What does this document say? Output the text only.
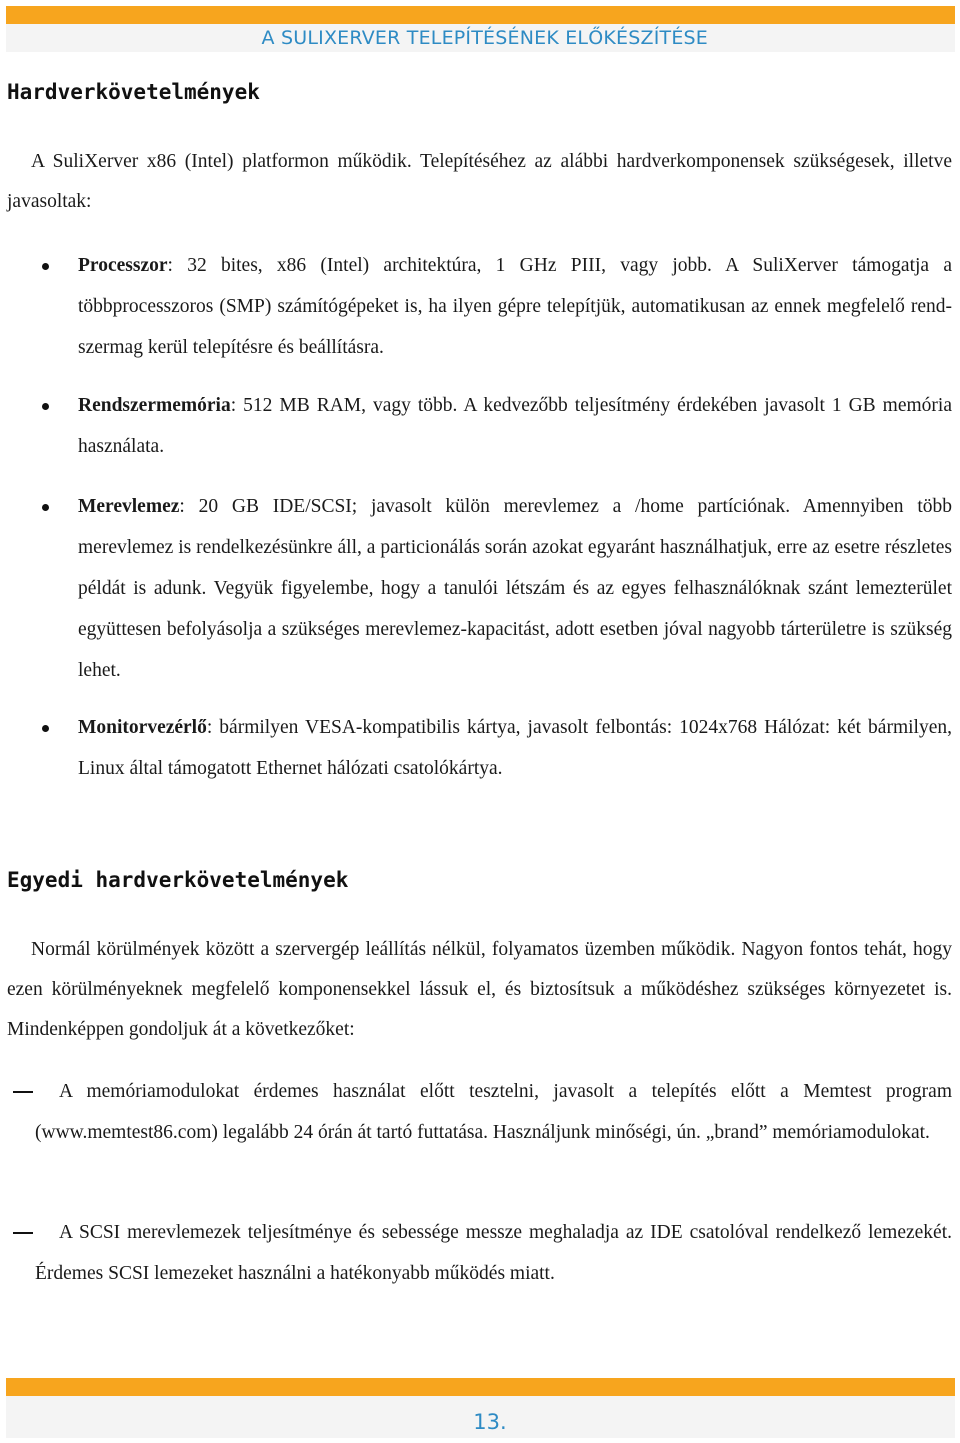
A SULIXERVER TELEPÍTÉSÉNEK ELŐKÉSZÍTÉSE
Hardverkövetelmények

A SuliXerver x86 (Intel) platformon működik. Telepítéséhez az alábbi hardverkomponensek szükségesek, illetve javasoltak:

Processzor: 32 bites, x86 (Intel) architektúra, 1 GHz PIII, vagy jobb. A SuliXerver támogatja a többprocesszoros (SMP) számítógépeket is, ha ilyen gépre telepítjük, automatikusan az ennek megfelelő rend-szermag kerül telepítésre és beállításra.

Rendszermemória: 512 MB RAM, vagy több. A kedvezőbb teljesítmény érdekében javasolt 1 GB memória használata.

Merevlemez: 20 GB IDE/SCSI; javasolt külön merevlemez a /home partíciónak. Amennyiben több merevlemez is rendelkezésünkre áll, a particionálás során azokat egyaránt használhatjuk, erre az esetre részletes példát is adunk. Vegyük figyelembe, hogy a tanulói létszám és az egyes felhasználóknak szánt lemezterület együttesen befolyásolja a szükséges merevlemez-kapacitást, adott esetben jóval nagyobb tárterületre is szükség lehet.

Monitorvezérlő: bármilyen VESA-kompatibilis kártya, javasolt felbontás: 1024x768 Hálózat: két bármilyen, Linux által támogatott Ethernet hálózati csatolókártya.

Egyedi hardverkövetelmények

Normál körülmények között a szervergép leállítás nélkül, folyamatos üzemben működik. Nagyon fontos tehát, hogy ezen körülményeknek megfelelő komponensekkel lássuk el, és biztosítsuk a működéshez szükséges környezetet is. Mindenképpen gondoljuk át a következőket:

A memóriamodulokat érdemes használat előtt tesztelni, javasolt a telepítés előtt a Memtest program (www.memtest86.com) legalább 24 órán át tartó futtatása. Használjunk minőségi, ún. „brand” memóriamodulokat.

A SCSI merevlemezek teljesítménye és sebessége messze meghaladja az IDE csatolóval rendelkező lemezekét. Érdemes SCSI lemezeket használni a hatékonyabb működés miatt.

13.
